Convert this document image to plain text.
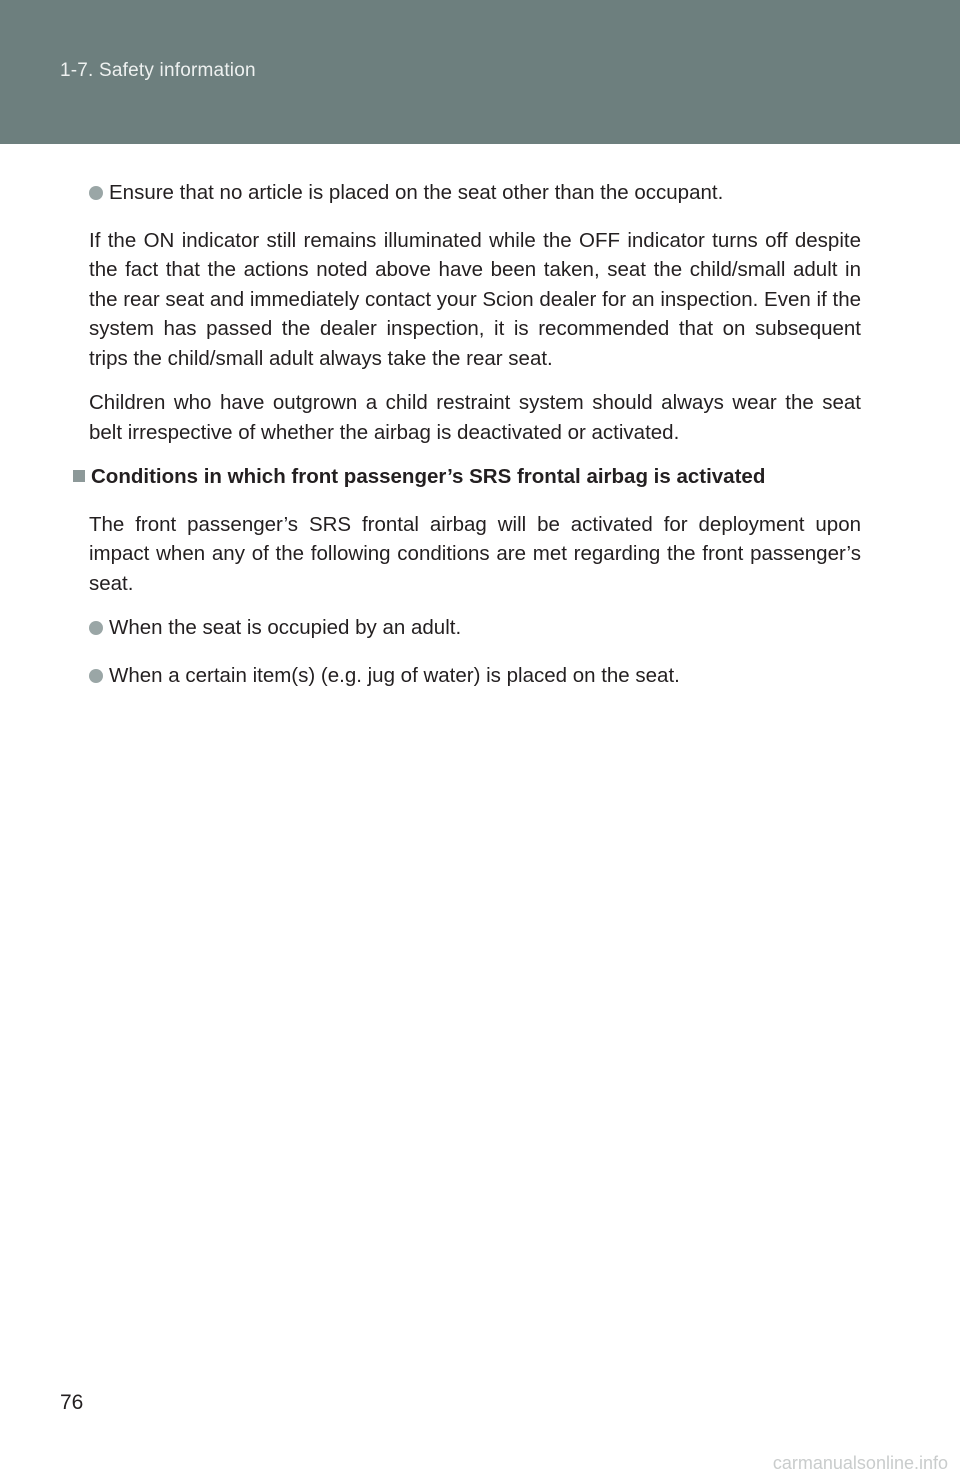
1-7. Safety information
Ensure that no article is placed on the seat other than the occupant.

If the ON indicator still remains illuminated while the OFF indicator turns off despite the fact that the actions noted above have been taken, seat the child/small adult in the rear seat and immediately contact your Scion dealer for an inspection. Even if the system has passed the dealer inspection, it is recommended that on subsequent trips the child/small adult always take the rear seat.

Children who have outgrown a child restraint system should always wear the seat belt irrespective of whether the airbag is deactivated or activated.

Conditions in which front passenger’s SRS frontal airbag is activated

The front passenger’s SRS frontal airbag will be activated for deployment upon impact when any of the following conditions are met regarding the front passenger’s seat.

When the seat is occupied by an adult.
When a certain item(s) (e.g. jug of water) is placed on the seat.
76
carmanualsonline.info
